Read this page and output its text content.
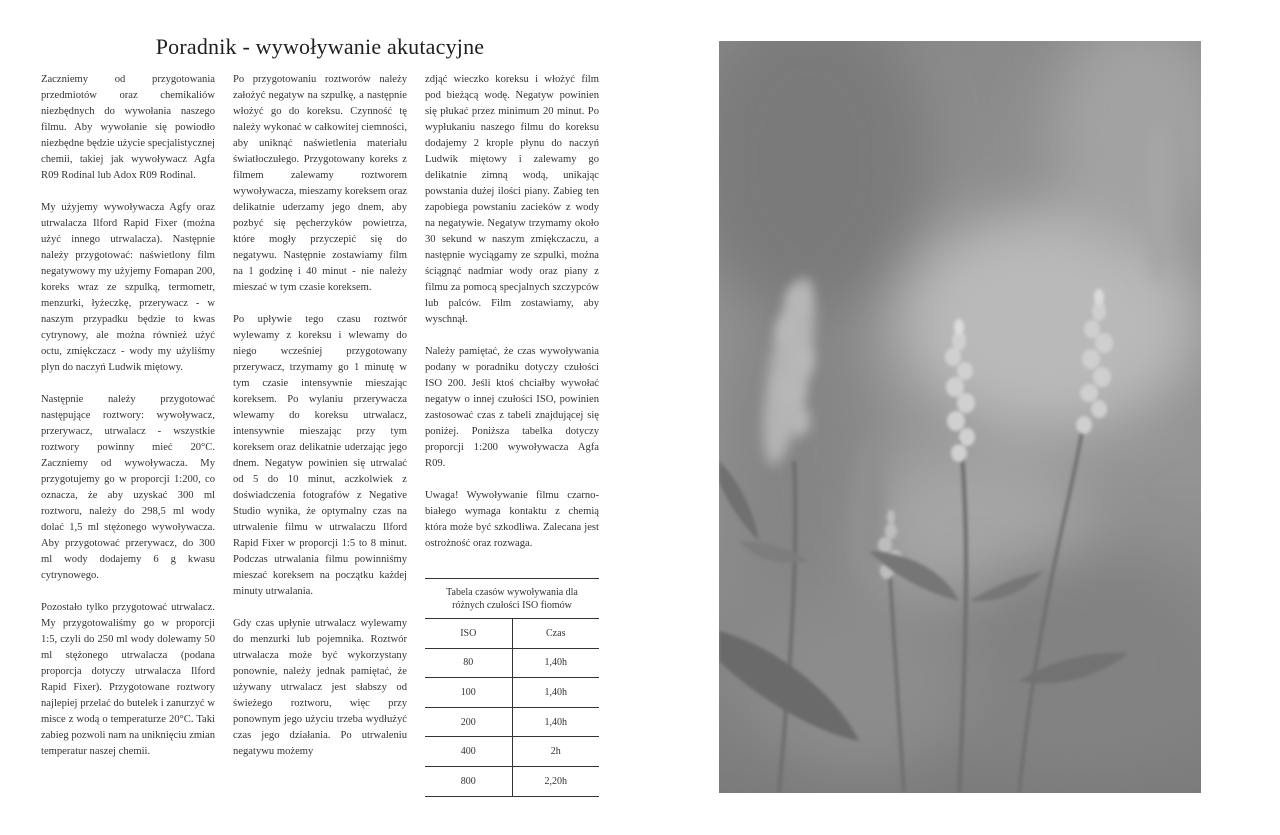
Poradnik - wywoływanie akutacyjne

Zaczniemy od przygotowania przedmiotów oraz chemikaliów niezbędnych do wywołania naszego filmu. Aby wywołanie się powiodło niezbędne będzie użycie specjalistycznej chemii, takiej jak wywoływacz Agfa R09 Rodinal lub Adox R09 Rodinal.

My użyjemy wywoływacza Agfy oraz utrwalacza Ilford Rapid Fixer (można użyć innego utrwalacza). Następnie należy przygotować: naświetlony film negatywowy my użyjemy Fomapan 200, koreks wraz ze szpulką, termometr, menzurki, łyżeczkę, przerywacz - w naszym przypadku będzie to kwas cytrynowy, ale można również użyć octu, zmiękczacz - wody my użyliśmy plyn do naczyń Ludwik miętowy.

Następnie należy przygotować następujące roztwory: wywoływacz, przerywacz, utrwalacz - wszystkie roztwory powinny mieć 20°C. Zaczniemy od wywoływacza. My przygotujemy go w proporcji 1:200, co oznacza, że aby uzyskać 300 ml roztworu, należy do 298,5 ml wody dolać 1,5 ml stężonego wywoływacza. Aby przygotować przerywacz, do 300 ml wody dodajemy 6 g kwasu cytrynowego.

Pozostało tylko przygotować utrwalacz. My przygotowaliśmy go w proporcji 1:5, czyli do 250 ml wody dolewamy 50 ml stężonego utrwalacza (podana proporcja dotyczy utrwalacza Ilford Rapid Fixer). Przygotowane roztwory najlepiej przelać do butelek i zanurzyć w misce z wodą o temperaturze 20°C. Taki zabieg pozwoli nam na uniknięciu zmian temperatur naszej chemii.

Po przygotowaniu roztworów należy założyć negatyw na szpulkę, a następnie włożyć go do koreksu. Czynność tę należy wykonać w całkowitej ciemności, aby uniknąć naświetlenia materiału światłoczułego. Przygotowany koreks z filmem zalewamy roztworem wywoływacza, mieszamy koreksem oraz delikatnie uderzamy jego dnem, aby pozbyć się pęcherzyków powietrza, które mogły przyczepić się do negatywu. Następnie zostawiamy film na 1 godzinę i 40 minut - nie należy mieszać w tym czasie koreksem.

Po upływie tego czasu roztwór wylewamy z koreksu i wlewamy do niego wcześniej przygotowany przerywacz, trzymamy go 1 minutę w tym czasie intensywnie mieszając koreksem. Po wylaniu przerywacza wlewamy do koreksu utrwalacz, intensywnie mieszając przy tym koreksem oraz delikatnie uderzając jego dnem. Negatyw powinien się utrwalać od 5 do 10 minut, aczkolwiek z doświadczenia fotografów z Negative Studio wynika, że optymalny czas na utrwalenie filmu w utrwalaczu Ilford Rapid Fixer w proporcji 1:5 to 8 minut. Podczas utrwalania filmu powinniśmy mieszać koreksem na początku każdej minuty utrwalania.

Gdy czas upłynie utrwalacz wylewamy do menzurki lub pojemnika. Roztwór utrwalacza może być wykorzystany ponownie, należy jednak pamiętać, że używany utrwalacz jest słabszy od świeżego roztworu, więc przy ponownym jego użyciu trzeba wydłużyć czas jego działania. Po utrwaleniu negatywu możemy

zdjąć wieczko koreksu i włożyć film pod bieżącą wodę. Negatyw powinien się płukać przez minimum 20 minut. Po wypłukaniu naszego filmu do koreksu dodajemy 2 krople płynu do naczyń Ludwik miętowy i zalewamy go delikatnie zimną wodą, unikając powstania dużej ilości piany. Zabieg ten zapobiega powstaniu zacieków z wody na negatywie. Negatyw trzymamy około 30 sekund w naszym zmiękczaczu, a następnie wyciągamy ze szpulki, można ściągnąć nadmiar wody oraz piany z filmu za pomocą specjalnych szczypców lub palców. Film zostawiamy, aby wyschnął.

Należy pamiętać, że czas wywoływania podany w poradniku dotyczy czułości ISO 200. Jeśli ktoś chciałby wywołać negatyw o innej czułości ISO, powinien zastosować czas z tabeli znajdującej się poniżej. Poniższa tabelka dotyczy proporcji 1:200 wywoływacza Agfa R09.

Uwaga! Wywoływanie filmu czarno-białego wymaga kontaktu z chemią która może być szkodliwa. Zalecana jest ostrożność oraz rozwaga.

Tabela czasów wywoływania dla różnych czułości ISO fiomów
ISO	Czas
80	1,40h
100	1,40h
200	1,40h
400	2h
800	2,20h
